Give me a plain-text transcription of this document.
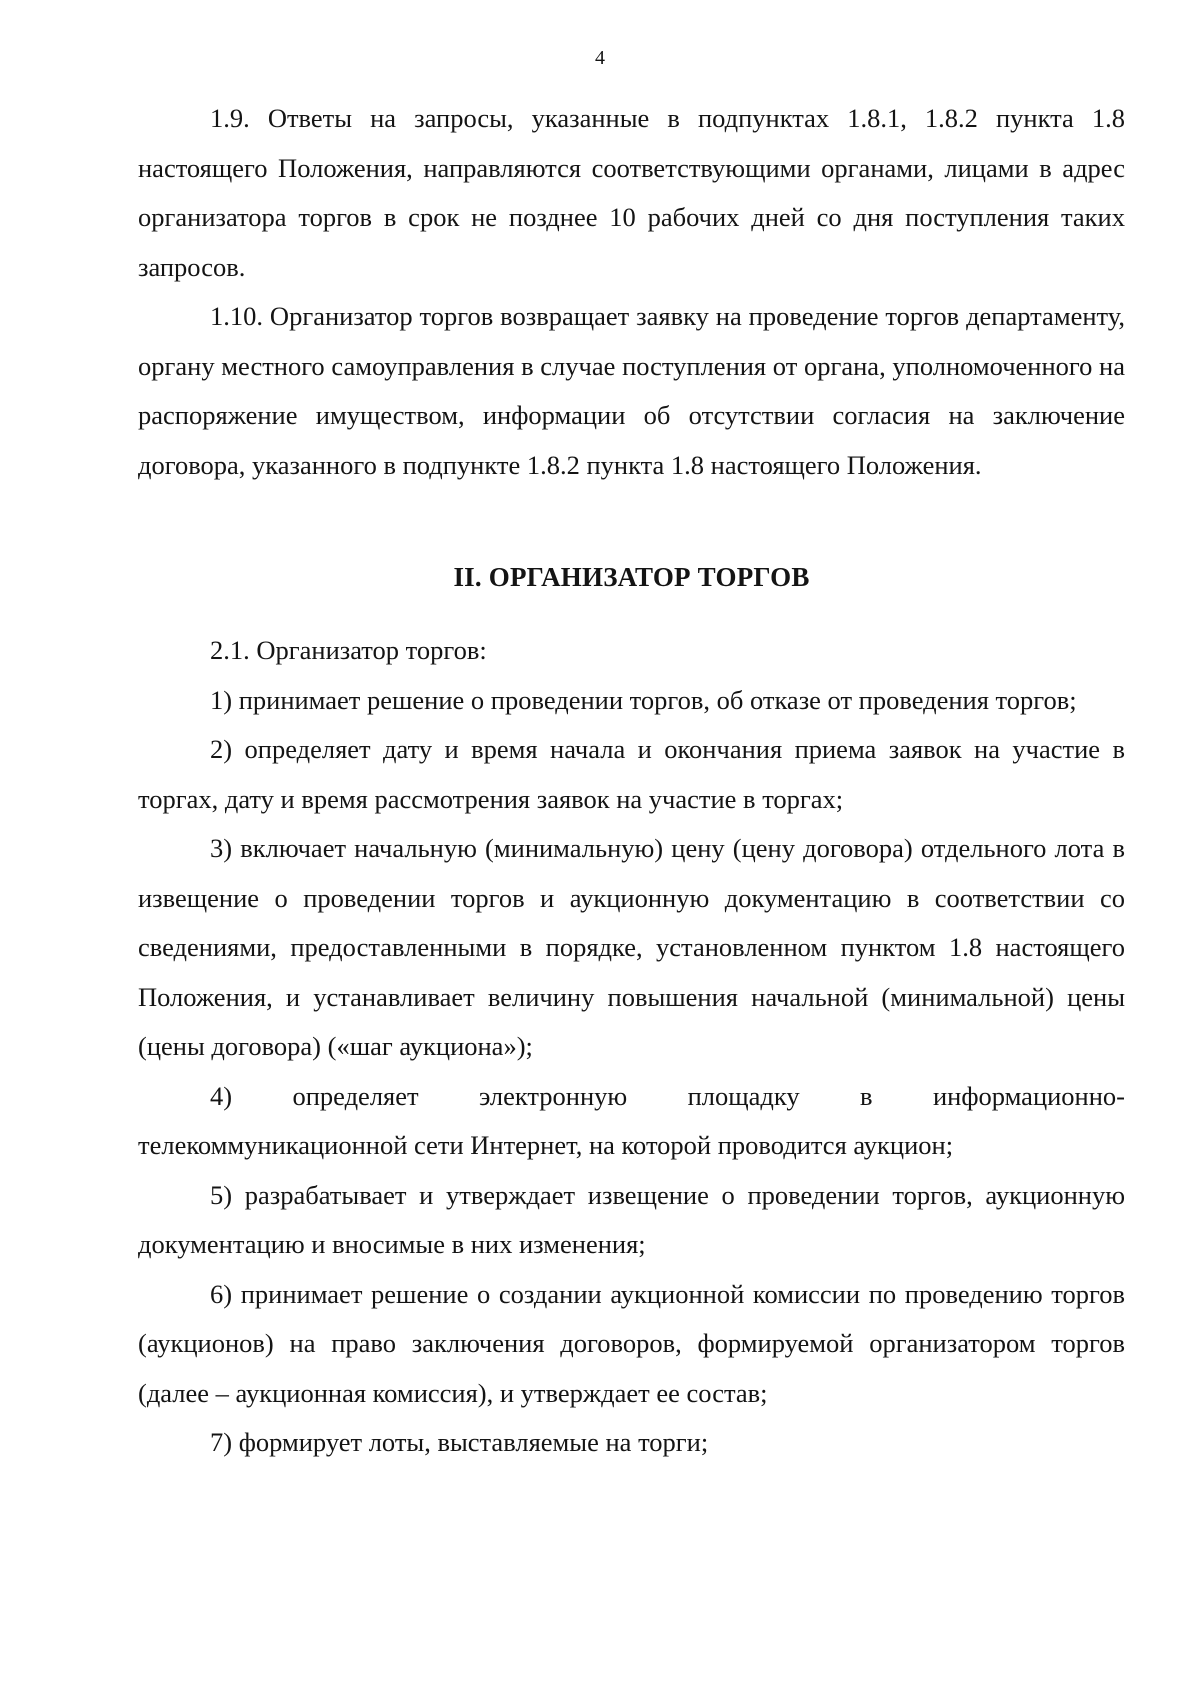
4

1.9. Ответы на запросы, указанные в подпунктах 1.8.1, 1.8.2 пункта 1.8 настоящего Положения, направляются соответствующими органами, лицами в адрес организатора торгов в срок не позднее 10 рабочих дней со дня поступления таких запросов.

1.10. Организатор торгов возвращает заявку на проведение торгов департаменту, органу местного самоуправления в случае поступления от органа, уполномоченного на распоряжение имуществом, информации об отсутствии согласия на заключение договора, указанного в подпункте 1.8.2 пункта 1.8 настоящего Положения.

II. ОРГАНИЗАТОР ТОРГОВ

2.1. Организатор торгов:

1) принимает решение о проведении торгов, об отказе от проведения торгов;

2) определяет дату и время начала и окончания приема заявок на участие в торгах, дату и время рассмотрения заявок на участие в торгах;

3) включает начальную (минимальную) цену (цену договора) отдельного лота в извещение о проведении торгов и аукционную документацию в соответствии со сведениями, предоставленными в порядке, установленном пунктом 1.8 настоящего Положения, и устанавливает величину повышения начальной (минимальной) цены (цены договора) («шаг аукциона»);

4) определяет электронную площадку в информационно-телекоммуникационной сети Интернет, на которой проводится аукцион;

5) разрабатывает и утверждает извещение о проведении торгов, аукционную документацию и вносимые в них изменения;

6) принимает решение о создании аукционной комиссии по проведению торгов (аукционов) на право заключения договоров, формируемой организатором торгов (далее – аукционная комиссия), и утверждает ее состав;

7) формирует лоты, выставляемые на торги;
